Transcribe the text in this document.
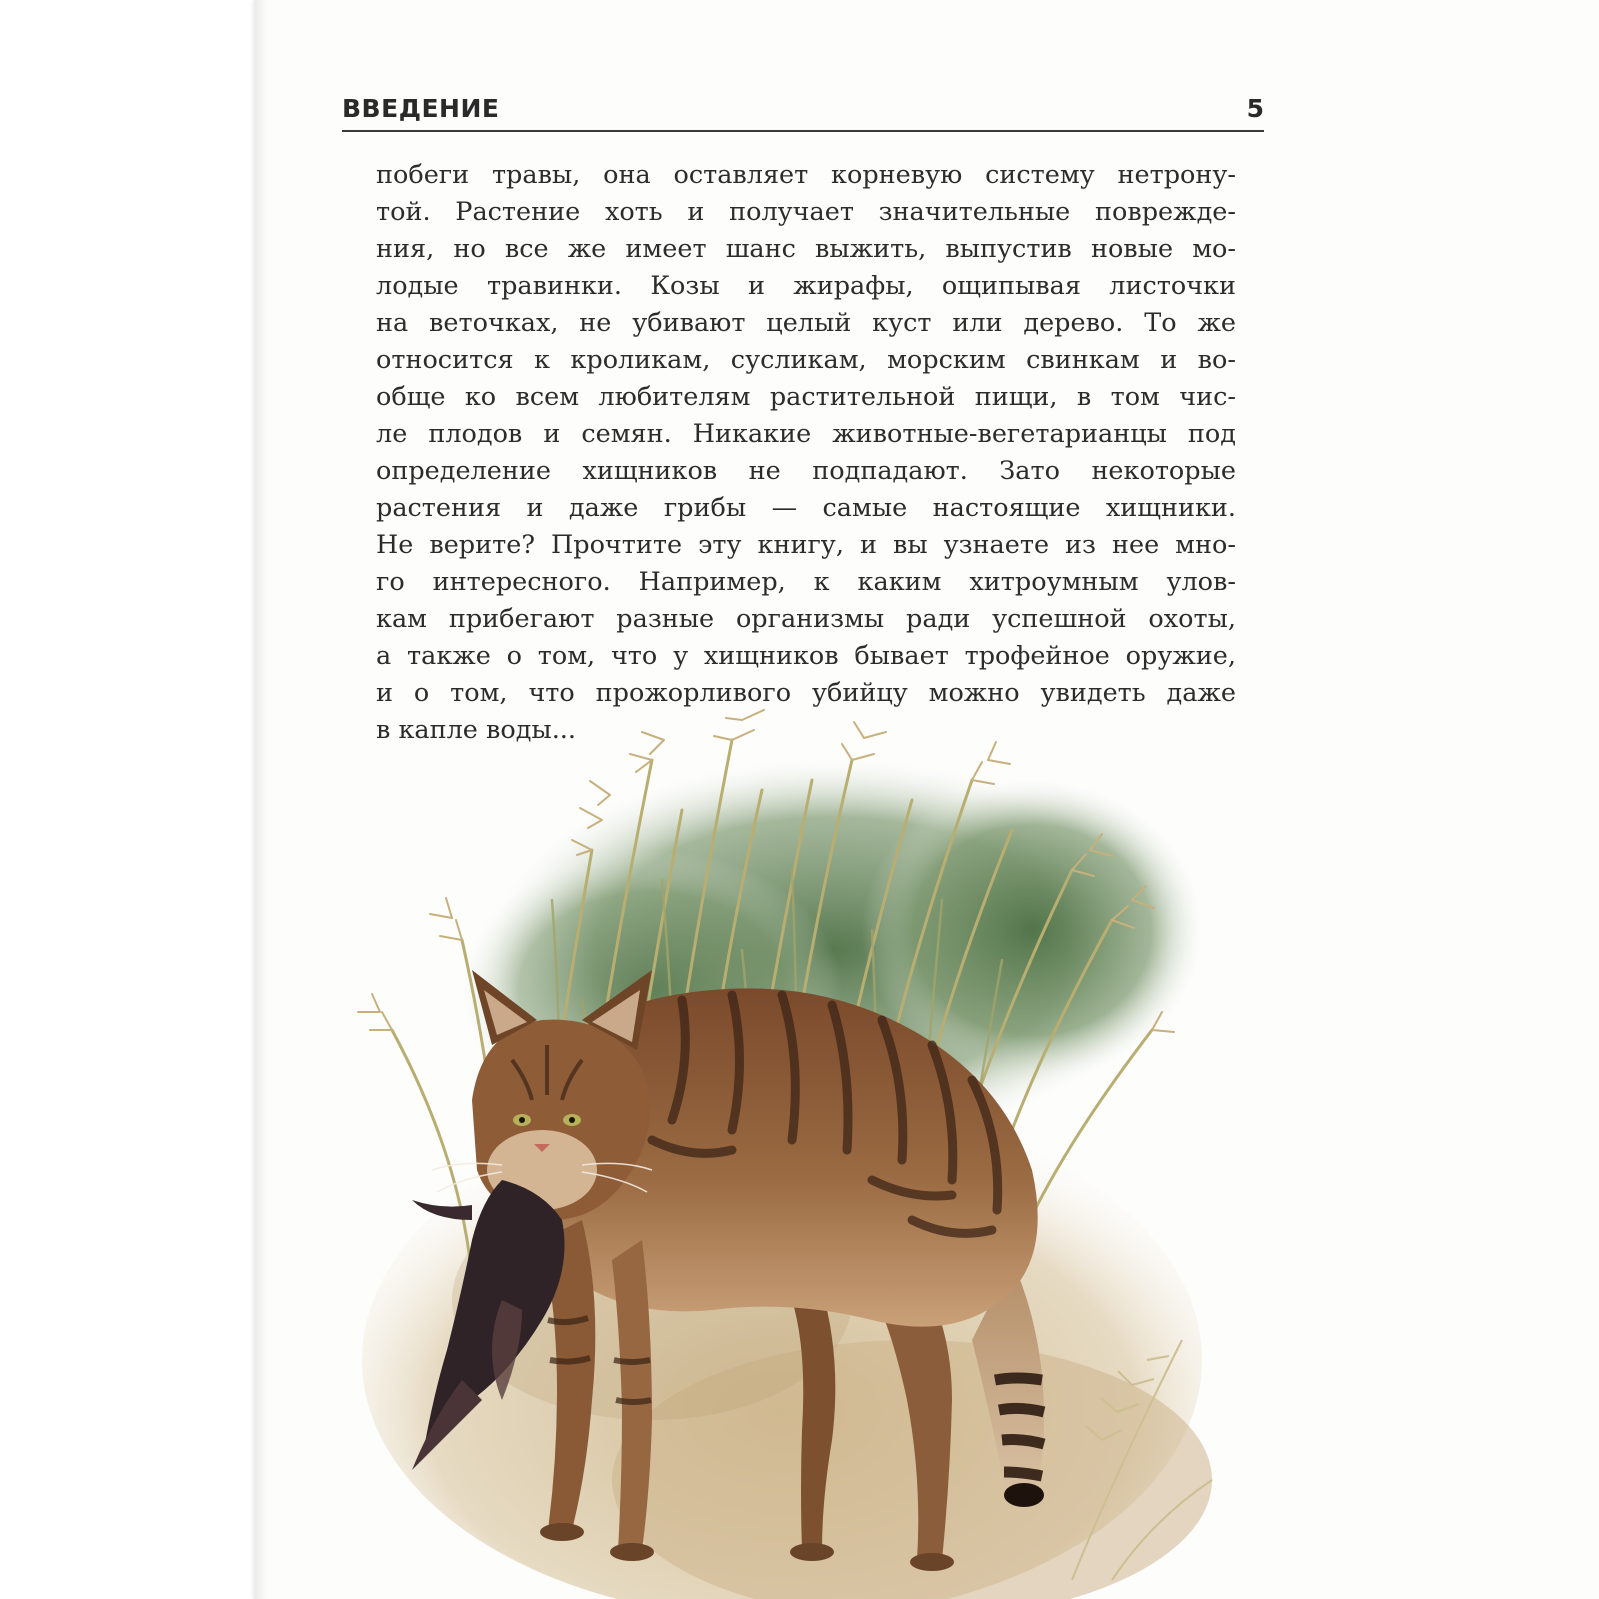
ВВЕДЕНИЕ	5
побеги травы, она оставляет корневую систему нетрону-
той. Растение хоть и получает значительные поврежде-
ния, но все же имеет шанс выжить, выпустив новые мо-
лодые травинки. Козы и жирафы, ощипывая листочки
на веточках, не убивают целый куст или дерево. То же
относится к кроликам, сусликам, морским свинкам и во-
обще ко всем любителям растительной пищи, в том чис-
ле плодов и семян. Никакие животные-вегетарианцы под
определение хищников не подпадают. Зато некоторые
растения и даже грибы — самые настоящие хищники.
Не верите? Прочтите эту книгу, и вы узнаете из нее мно-
го интересного. Например, к каким хитроумным улов-
кам прибегают разные организмы ради успешной охоты,
а также о том, что у хищников бывает трофейное оружие,
и о том, что прожорливого убийцу можно увидеть даже
в капле воды...
